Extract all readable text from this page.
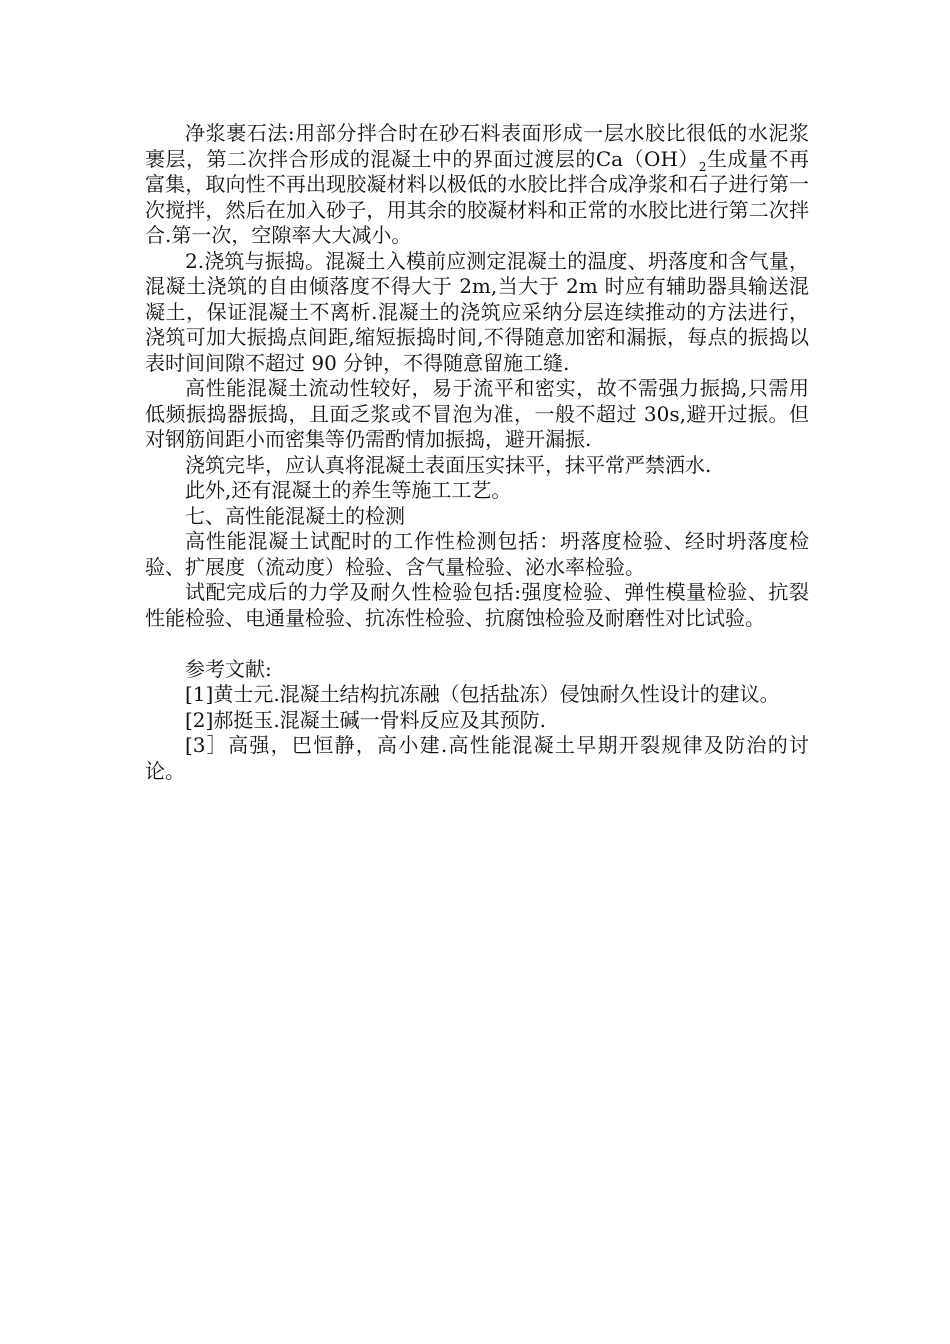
净浆裹石法:用部分拌合时在砂石料表面形成一层水胶比很低的水泥浆裹层，第二次拌合形成的混凝土中的界面过渡层的$Ca(OH)_2$生成量不再富集，取向性不再出现胶凝材料以极低的水胶比拌合成净浆和石子进行第一次搅拌，然后在加入砂子，用其余的胶凝材料和正常的水胶比进行第二次拌合.第一次，空隙率大大减小。

2.浇筑与振捣。混凝土入模前应测定混凝土的温度、坍落度和含气量，混凝土浇筑的自由倾落度不得大于 2m,当大于 2m 时应有辅助器具输送混凝土，保证混凝土不离析.混凝土的浇筑应采纳分层连续推动的方法进行，浇筑可加大振捣点间距,缩短振捣时间,不得随意加密和漏振，每点的振捣以表时间间隙不超过 90 分钟，不得随意留施工缝.

高性能混凝土流动性较好，易于流平和密实，故不需强力振捣,只需用低频振捣器振捣，且面乏浆或不冒泡为准，一般不超过 30s,避开过振。但对钢筋间距小而密集等仍需酌情加振捣，避开漏振.

浇筑完毕，应认真将混凝土表面压实抹平，抹平常严禁洒水.

此外,还有混凝土的养生等施工工艺。

七、高性能混凝土的检测

高性能混凝土试配时的工作性检测包括：坍落度检验、经时坍落度检验、扩展度（流动度）检验、含气量检验、泌水率检验。

试配完成后的力学及耐久性检验包括:强度检验、弹性模量检验、抗裂性能检验、电通量检验、抗冻性检验、抗腐蚀检验及耐磨性对比试验。

参考文献:

[1]黄士元.混凝土结构抗冻融（包括盐冻）侵蚀耐久性设计的建议。

[2]郝挺玉.混凝土碱一骨料反应及其预防.

[3］高强，巴恒静，高小建.高性能混凝土早期开裂规律及防治的讨论。
